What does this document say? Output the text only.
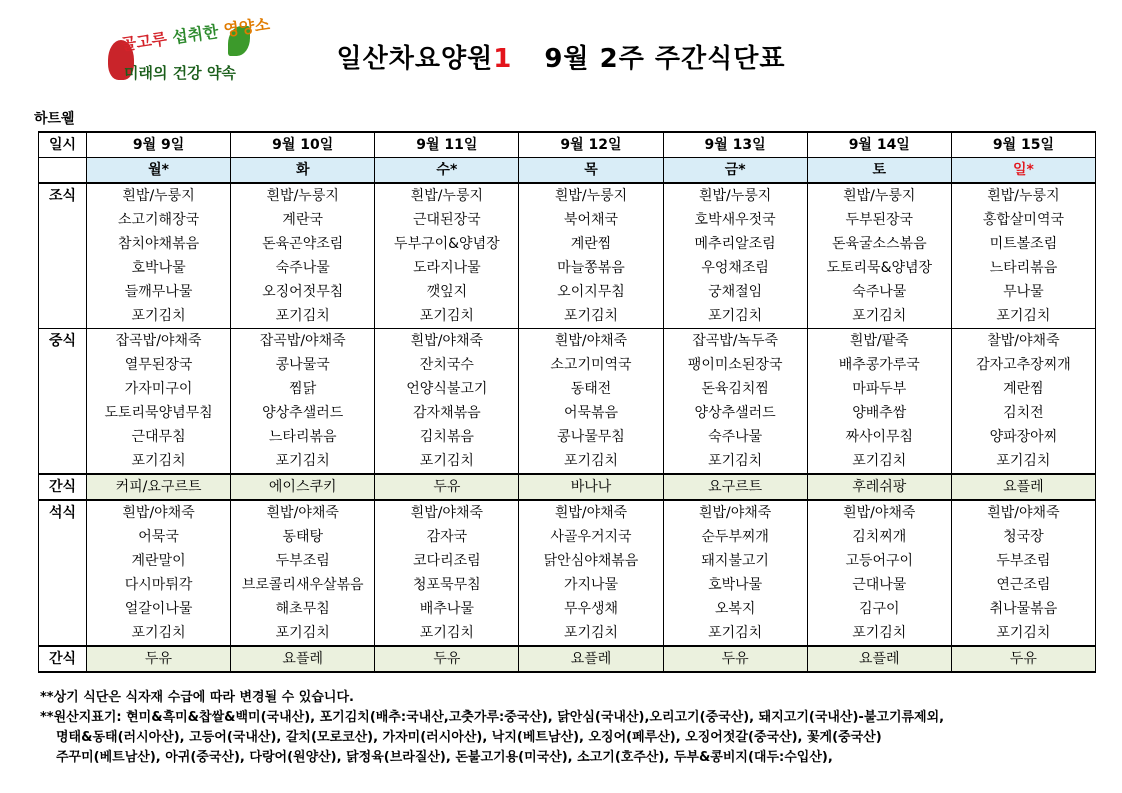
골고루 섭취한 영양소
미래의 건강 약속	일산차요양원1 9월 2주 주간식단표
하트웰
일시	9월 9일	9월 10일	9월 11일	9월 12일	9월 13일	9월 14일	9월 15일
	월*	화	수*	목	금*	토	일*
조식	흰밥/누룽지	흰밥/누룽지	흰밥/누룽지	흰밥/누룽지	흰밥/누룽지	흰밥/누룽지	흰밥/누룽지
	소고기해장국	계란국	근대된장국	북어채국	호박새우젓국	두부된장국	홍합살미역국
	참치야채볶음	돈육곤약조림	두부구이&양념장	계란찜	메추리알조림	돈육굴소스볶음	미트볼조림
	호박나물	숙주나물	도라지나물	마늘쫑볶음	우엉채조림	도토리묵&양념장	느타리볶음
	들깨무나물	오징어젓무침	깻잎지	오이지무침	궁채절임	숙주나물	무나물
	포기김치	포기김치	포기김치	포기김치	포기김치	포기김치	포기김치
중식	잡곡밥/야채죽	잡곡밥/야채죽	흰밥/야채죽	흰밥/야채죽	잡곡밥/녹두죽	흰밥/팥죽	찰밥/야채죽
	열무된장국	콩나물국	잔치국수	소고기미역국	팽이미소된장국	배추콩가루국	감자고추장찌개
	가자미구이	찜닭	언양식불고기	동태전	돈육김치찜	마파두부	계란찜
	도토리묵양념무침	양상추샐러드	감자채볶음	어묵볶음	양상추샐러드	양배추쌈	김치전
	근대무침	느타리볶음	김치볶음	콩나물무침	숙주나물	짜사이무침	양파장아찌
	포기김치	포기김치	포기김치	포기김치	포기김치	포기김치	포기김치
간식	커피/요구르트	에이스쿠키	두유	바나나	요구르트	후레쉬팡	요플레
석식	흰밥/야채죽	흰밥/야채죽	흰밥/야채죽	흰밥/야채죽	흰밥/야채죽	흰밥/야채죽	흰밥/야채죽
	어묵국	동태탕	감자국	사골우거지국	순두부찌개	김치찌개	청국장
	계란말이	두부조림	코다리조림	닭안심야채볶음	돼지불고기	고등어구이	두부조림
	다시마튀각	브로콜리새우살볶음	청포묵무침	가지나물	호박나물	근대나물	연근조림
	얼갈이나물	해초무침	배추나물	무우생채	오복지	김구이	취나물볶음
	포기김치	포기김치	포기김치	포기김치	포기김치	포기김치	포기김치
간식	두유	요플레	두유	요플레	두유	요플레	두유
**상기 식단은 식자재 수급에 따라 변경될 수 있습니다.
**원산지표기: 현미&흑미&찹쌀&백미(국내산), 포기김치(배추:국내산,고춧가루:중국산), 닭안심(국내산),오리고기(중국산), 돼지고기(국내산)-불고기류제외,
명태&동태(러시아산), 고등어(국내산), 갈치(모로코산), 가자미(러시아산), 낙지(베트남산), 오징어(페루산), 오징어젓갈(중국산), 꽃게(중국산)
주꾸미(베트남산), 아귀(중국산), 다랑어(원양산), 닭정육(브라질산), 돈불고기용(미국산), 소고기(호주산), 두부&콩비지(대두:수입산),
